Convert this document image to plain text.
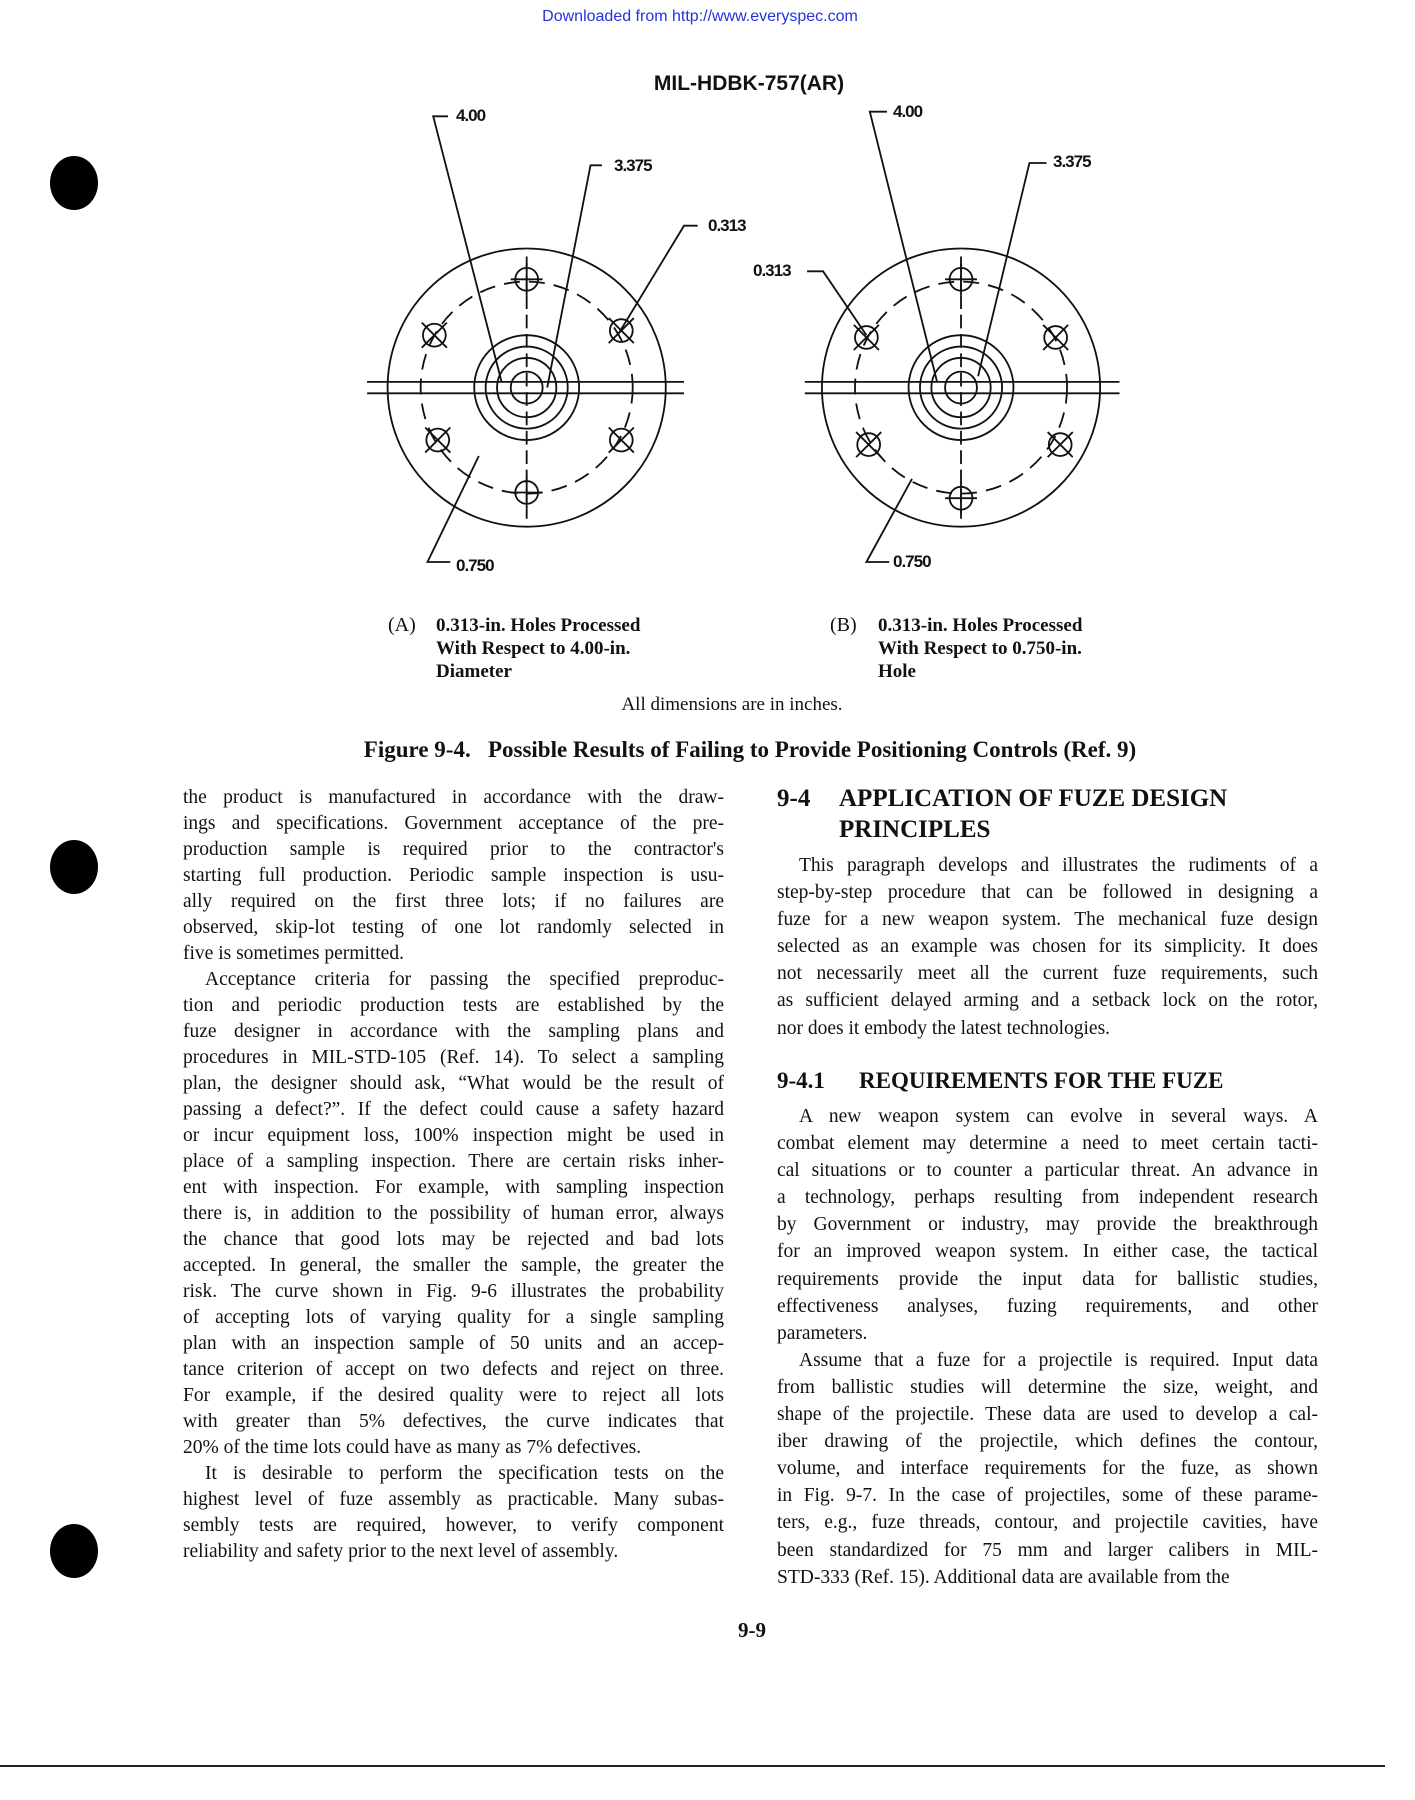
Downloaded from http://www.everyspec.com
MIL-HDBK-757(AR)
4.00
3.375
0.313
0.750
4.00
3.375
0.313
0.750
(A) 0.313-in. Holes Processed
With Respect to 4.00-in.
Diameter
(B) 0.313-in. Holes Processed
With Respect to 0.750-in.
Hole
All dimensions are in inches.
Figure 9-4.   Possible Results of Failing to Provide Positioning Controls (Ref. 9)
the product is manufactured in accordance with the draw-
ings and specifications. Government acceptance of the pre-
production sample is required prior to the contractor's
starting full production. Periodic sample inspection is usu-
ally required on the first three lots; if no failures are
observed, skip-lot testing of one lot randomly selected in
five is sometimes permitted.
Acceptance criteria for passing the specified preproduc-
tion and periodic production tests are established by the
fuze designer in accordance with the sampling plans and
procedures in MIL-STD-105 (Ref. 14). To select a sampling
plan, the designer should ask, “What would be the result of
passing a defect?”. If the defect could cause a safety hazard
or incur equipment loss, 100% inspection might be used in
place of a sampling inspection. There are certain risks inher-
ent with inspection. For example, with sampling inspection
there is, in addition to the possibility of human error, always
the chance that good lots may be rejected and bad lots
accepted. In general, the smaller the sample, the greater the
risk. The curve shown in Fig. 9-6 illustrates the probability
of accepting lots of varying quality for a single sampling
plan with an inspection sample of 50 units and an accep-
tance criterion of accept on two defects and reject on three.
For example, if the desired quality were to reject all lots
with greater than 5% defectives, the curve indicates that
20% of the time lots could have as many as 7% defectives.
It is desirable to perform the specification tests on the
highest level of fuze assembly as practicable. Many subas-
sembly tests are required, however, to verify component
reliability and safety prior to the next level of assembly.
9-4 APPLICATION OF FUZE DESIGN
PRINCIPLES
This paragraph develops and illustrates the rudiments of a
step-by-step procedure that can be followed in designing a
fuze for a new weapon system. The mechanical fuze design
selected as an example was chosen for its simplicity. It does
not necessarily meet all the current fuze requirements, such
as sufficient delayed arming and a setback lock on the rotor,
nor does it embody the latest technologies.
9-4.1 REQUIREMENTS FOR THE FUZE
A new weapon system can evolve in several ways. A
combat element may determine a need to meet certain tacti-
cal situations or to counter a particular threat. An advance in
a technology, perhaps resulting from independent research
by Government or industry, may provide the breakthrough
for an improved weapon system. In either case, the tactical
requirements provide the input data for ballistic studies,
effectiveness analyses, fuzing requirements, and other
parameters.
Assume that a fuze for a projectile is required. Input data
from ballistic studies will determine the size, weight, and
shape of the projectile. These data are used to develop a cal-
iber drawing of the projectile, which defines the contour,
volume, and interface requirements for the fuze, as shown
in Fig. 9-7. In the case of projectiles, some of these parame-
ters, e.g., fuze threads, contour, and projectile cavities, have
been standardized for 75 mm and larger calibers in MIL-
STD-333 (Ref. 15). Additional data are available from the
9-9
